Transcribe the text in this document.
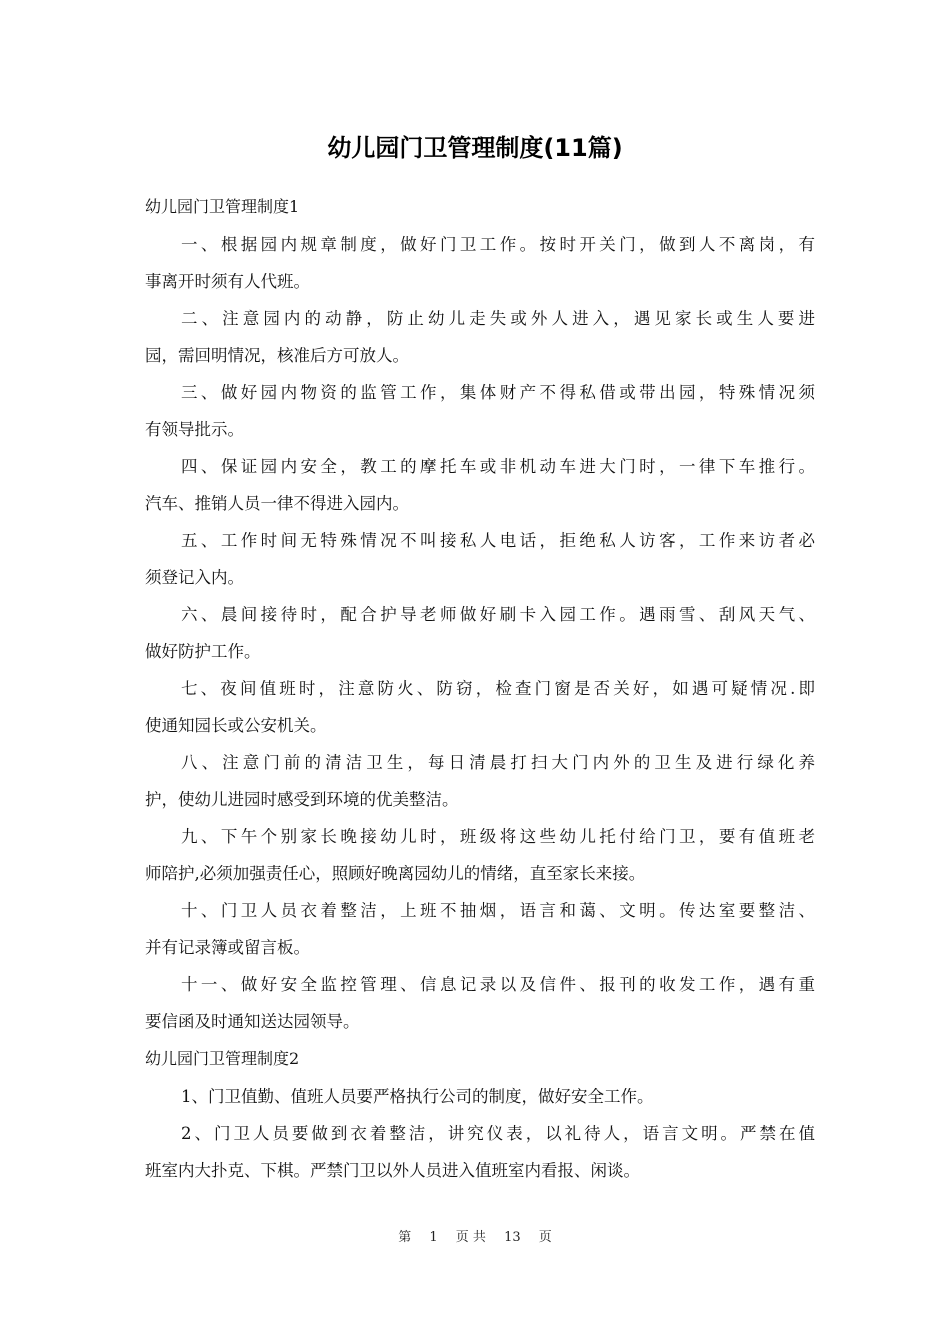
幼儿园门卫管理制度(11篇)

幼儿园门卫管理制度1

一、根据园内规章制度，做好门卫工作。按时开关门，做到人不离岗，有
事离开时须有人代班。
二、注意园内的动静，防止幼儿走失或外人进入，遇见家长或生人要进
园，需回明情况，核准后方可放人。
三、做好园内物资的监管工作，集体财产不得私借或带出园，特殊情况须
有领导批示。
四、保证园内安全，教工的摩托车或非机动车进大门时，一律下车推行。
汽车、推销人员一律不得进入园内。
五、工作时间无特殊情况不叫接私人电话，拒绝私人访客，工作来访者必
须登记入内。
六、晨间接待时，配合护导老师做好刷卡入园工作。遇雨雪、刮风天气、
做好防护工作。
七、夜间值班时，注意防火、防窃，检查门窗是否关好，如遇可疑情况.即
使通知园长或公安机关。
八、注意门前的清洁卫生，每日清晨打扫大门内外的卫生及进行绿化养
护，使幼儿进园时感受到环境的优美整洁。
九、下午个别家长晚接幼儿时，班级将这些幼儿托付给门卫，要有值班老
师陪护,必须加强责任心，照顾好晚离园幼儿的情绪，直至家长来接。
十、门卫人员衣着整洁，上班不抽烟，语言和蔼、文明。传达室要整洁、
并有记录簿或留言板。
十一、做好安全监控管理、信息记录以及信件、报刊的收发工作，遇有重
要信函及时通知送达园领导。

幼儿园门卫管理制度2

1、门卫值勤、值班人员要严格执行公司的制度，做好安全工作。
2、门卫人员要做到衣着整洁，讲究仪表，以礼待人，语言文明。严禁在值
班室内大扑克、下棋。严禁门卫以外人员进入值班室内看报、闲谈。
第 1 页 共 13 页
